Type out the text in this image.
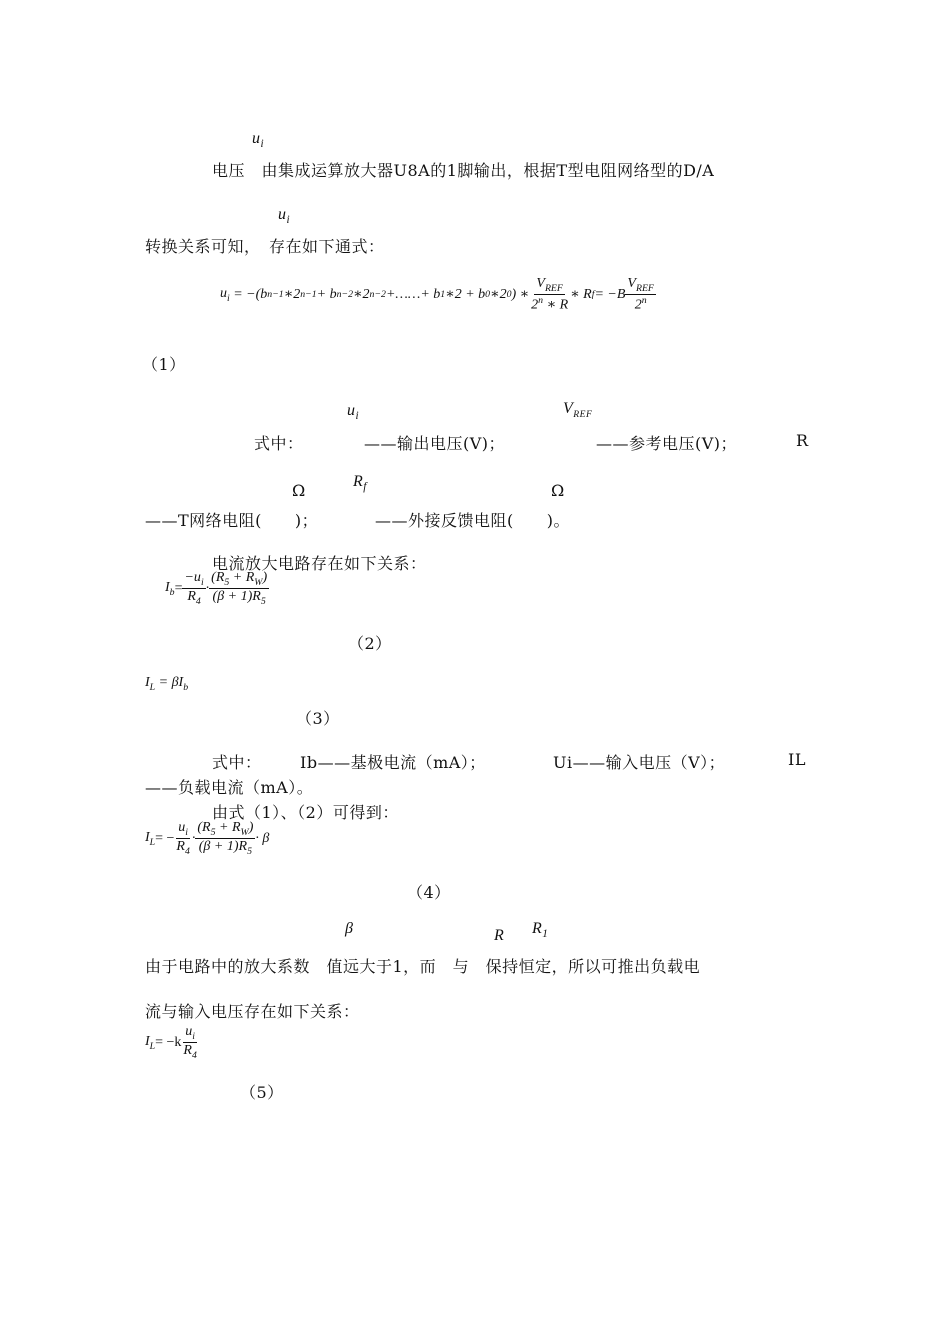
$u_i$
电压　由集成运算放大器U8A的1脚输出，根据T型电阻网络型的D/A
$u_i$
转换关系可知，　存在如下通式：
$u_i$
= −(b n−1 ∗2 n−1 + b n−2 ∗2 n−2 +……+ b 1 ∗2 + b 0 ∗2 0 ) ∗ $\frac{V_{REF}}{2^n ∗ R}$ ∗ R $f = -B \frac{V_{REF}}{2^n}$
（1）
$u_i$	$V_{REF}$
式中：	——输出电压(V)；	——参考电压(V)；	R
Ω	$R_f$	Ω
——T网络电阻(　　)；	——外接反馈电阻(　　)。
电流放大电路存在如下关系：
$I_b = \frac{-u_i}{R_4} \cdot \frac{(R_5 + R_W)}{(\beta + 1)R_5}$
（2）
$I_L = \beta I_b$
（3）
式中： Ib——基极电流（mA）；	Ui——输入电压（V）；	IL
——负载电流（mA）。
由式（1）、（2）可得到：
$I_L$ = − $\frac{u_i}{R_4} \cdot \frac{(R_5 + R_W)}{(\beta + 1)R_5} \cdot \beta$
（4）
β	R $R_1$
由于电路中的放大系数　值远大于1，而　与　保持恒定，所以可推出负载电
流与输入电压存在如下关系：
$I_L = -k \frac{u_i}{R_4}$
（5）
